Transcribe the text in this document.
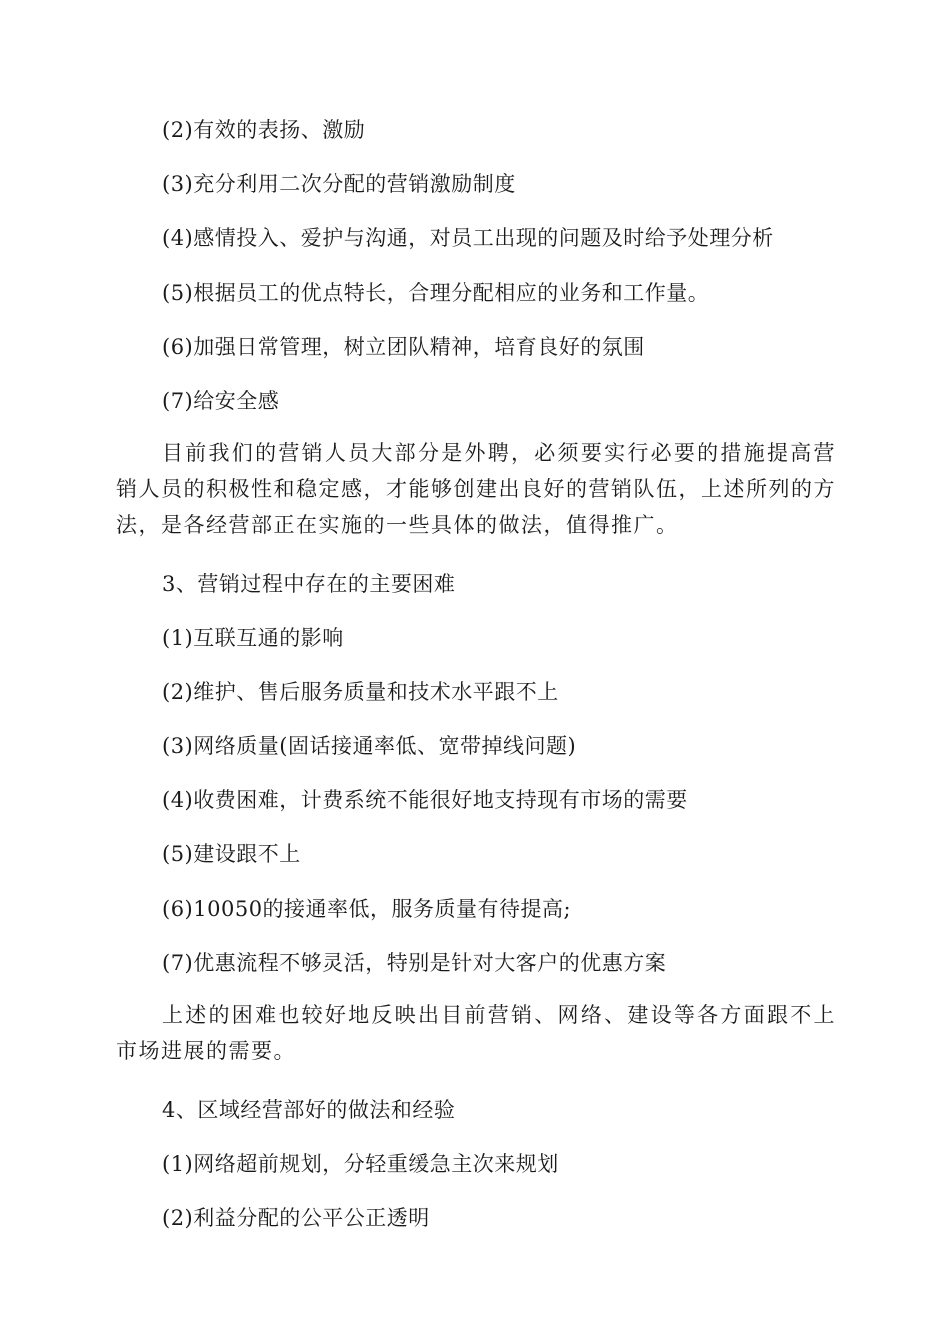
(2)有效的表扬、激励
(3)充分利用二次分配的营销激励制度
(4)感情投入、爱护与沟通，对员工出现的问题及时给予处理分析
(5)根据员工的优点特长，合理分配相应的业务和工作量。
(6)加强日常管理，树立团队精神，培育良好的氛围
(7)给安全感
目前我们的营销人员大部分是外聘，必须要实行必要的措施提高营销人员的积极性和稳定感，才能够创建出良好的营销队伍，上述所列的方法，是各经营部正在实施的一些具体的做法，值得推广。
3、营销过程中存在的主要困难
(1)互联互通的影响
(2)维护、售后服务质量和技术水平跟不上
(3)网络质量(固话接通率低、宽带掉线问题)
(4)收费困难，计费系统不能很好地支持现有市场的需要
(5)建设跟不上
(6)10050的接通率低，服务质量有待提高;
(7)优惠流程不够灵活，特别是针对大客户的优惠方案
上述的困难也较好地反映出目前营销、网络、建设等各方面跟不上市场进展的需要。
4、区域经营部好的做法和经验
(1)网络超前规划，分轻重缓急主次来规划
(2)利益分配的公平公正透明
